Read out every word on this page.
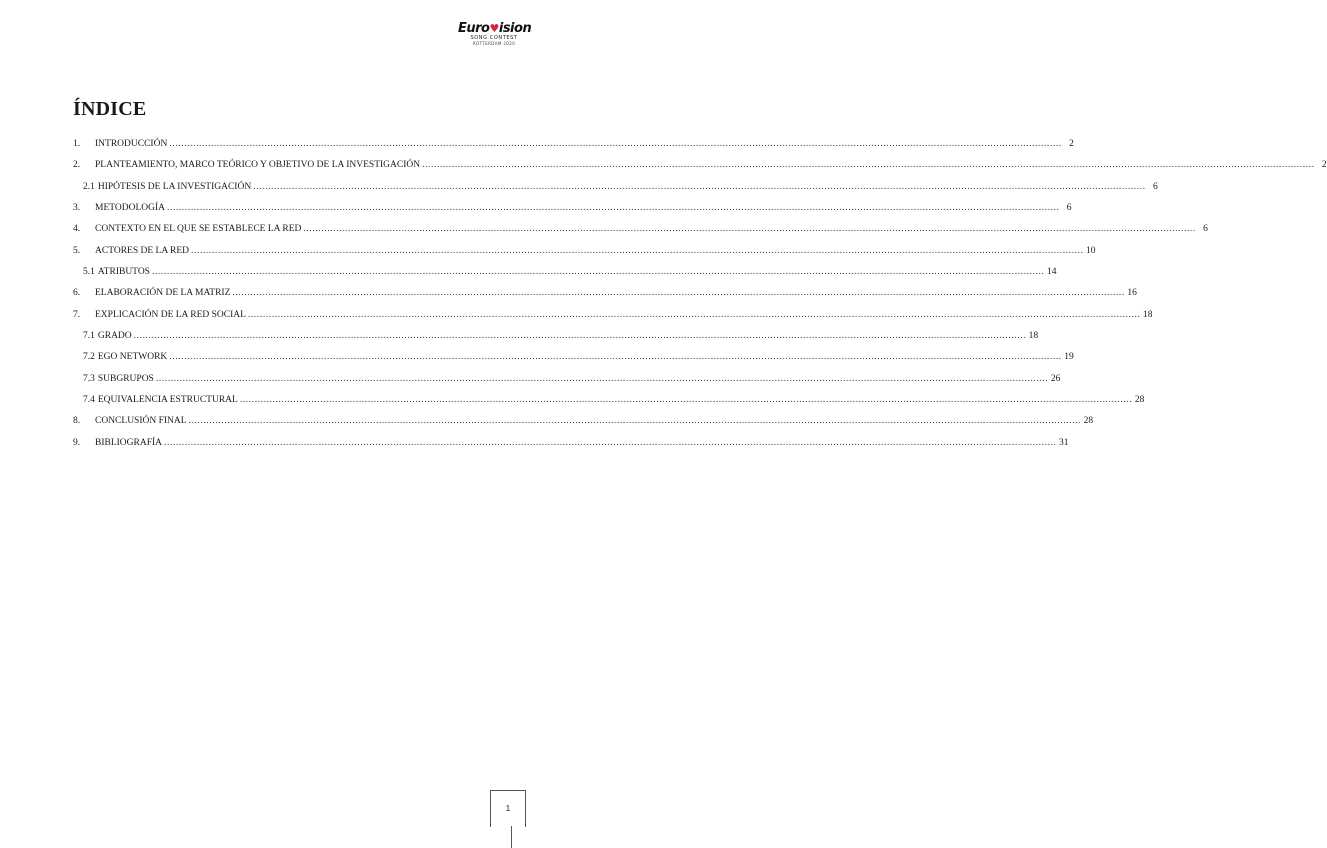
Euro♥ision
SONG CONTEST
ROTTERDAM 2020
ÍNDICE
1.	INTRODUCCIÓN ............................................................................................................................................................................................................................................................................................................ 2
2.	PLANTEAMIENTO, MARCO TEÓRICO Y OBJETIVO DE LA INVESTIGACIÓN ............................................................................................................................................................................................................................................................................................................ 2
2.1 HIPÓTESIS DE LA INVESTIGACIÓN ............................................................................................................................................................................................................................................................................................................ 6
3.	METODOLOGÍA ............................................................................................................................................................................................................................................................................................................ 6
4.	CONTEXTO EN EL QUE SE ESTABLECE LA RED ............................................................................................................................................................................................................................................................................................................ 6
5.	ACTORES DE LA RED ............................................................................................................................................................................................................................................................................................................ 10
5.1 ATRIBUTOS ............................................................................................................................................................................................................................................................................................................ 14
6.	ELABORACIÓN DE LA MATRIZ ............................................................................................................................................................................................................................................................................................................ 16
7.	EXPLICACIÓN DE LA RED SOCIAL ............................................................................................................................................................................................................................................................................................................ 18
7.1 GRADO ............................................................................................................................................................................................................................................................................................................ 18
7.2 EGO NETWORK ............................................................................................................................................................................................................................................................................................................ 19
7.3 SUBGRUPOS ............................................................................................................................................................................................................................................................................................................ 26
7.4 EQUIVALENCIA ESTRUCTURAL ............................................................................................................................................................................................................................................................................................................ 28
8.	CONCLUSIÓN FINAL ............................................................................................................................................................................................................................................................................................................ 28
9.	BIBLIOGRAFÍA ............................................................................................................................................................................................................................................................................................................ 31
1
